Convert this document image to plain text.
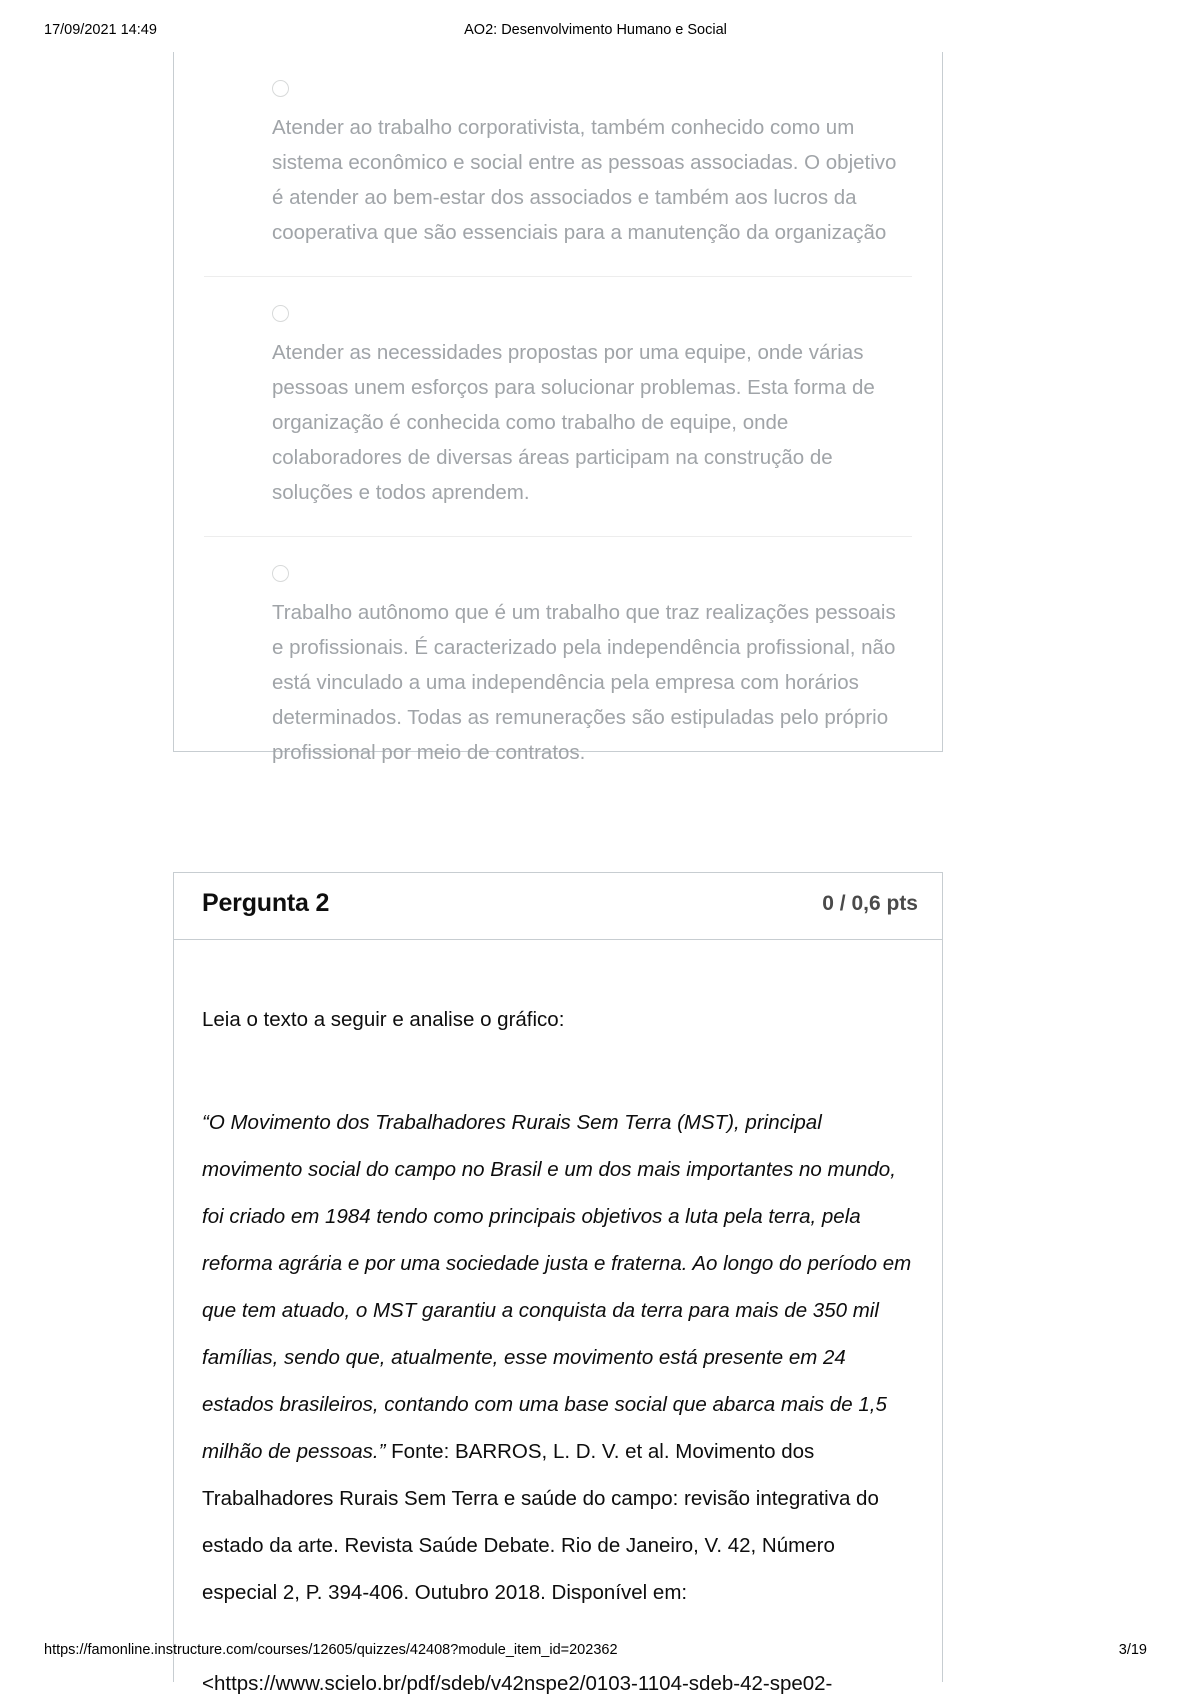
17/09/2021 14:49	AO2: Desenvolvimento Humano e Social
Atender ao trabalho corporativista, também conhecido como um sistema econômico e social entre as pessoas associadas. O objetivo é atender ao bem-estar dos associados e também aos lucros da cooperativa que são essenciais para a manutenção da organização
Atender as necessidades propostas por uma equipe, onde várias pessoas unem esforços para solucionar problemas. Esta forma de organização é conhecida como trabalho de equipe, onde colaboradores de diversas áreas participam na construção de soluções e todos aprendem.
Trabalho autônomo que é um trabalho que traz realizações pessoais e profissionais. É caracterizado pela independência profissional, não está vinculado a uma independência pela empresa com horários determinados. Todas as remunerações são estipuladas pelo próprio profissional por meio de contratos.
Pergunta 2	0 / 0,6 pts

Leia o texto a seguir e analise o gráfico:

“O Movimento dos Trabalhadores Rurais Sem Terra (MST), principal movimento social do campo no Brasil e um dos mais importantes no mundo, foi criado em 1984 tendo como principais objetivos a luta pela terra, pela reforma agrária e por uma sociedade justa e fraterna. Ao longo do período em que tem atuado, o MST garantiu a conquista da terra para mais de 350 mil famílias, sendo que, atualmente, esse movimento está presente em 24 estados brasileiros, contando com uma base social que abarca mais de 1,5 milhão de pessoas.” Fonte: BARROS, L. D. V. et al. Movimento dos Trabalhadores Rurais Sem Terra e saúde do campo: revisão integrativa do estado da arte. Revista Saúde Debate. Rio de Janeiro, V. 42, Número especial 2, P. 394-406. Outubro 2018. Disponível em:

<https://www.scielo.br/pdf/sdeb/v42nspe2/0103-1104-sdeb-42-spe02-

https://famonline.instructure.com/courses/12605/quizzes/42408?module_item_id=202362	3/19
